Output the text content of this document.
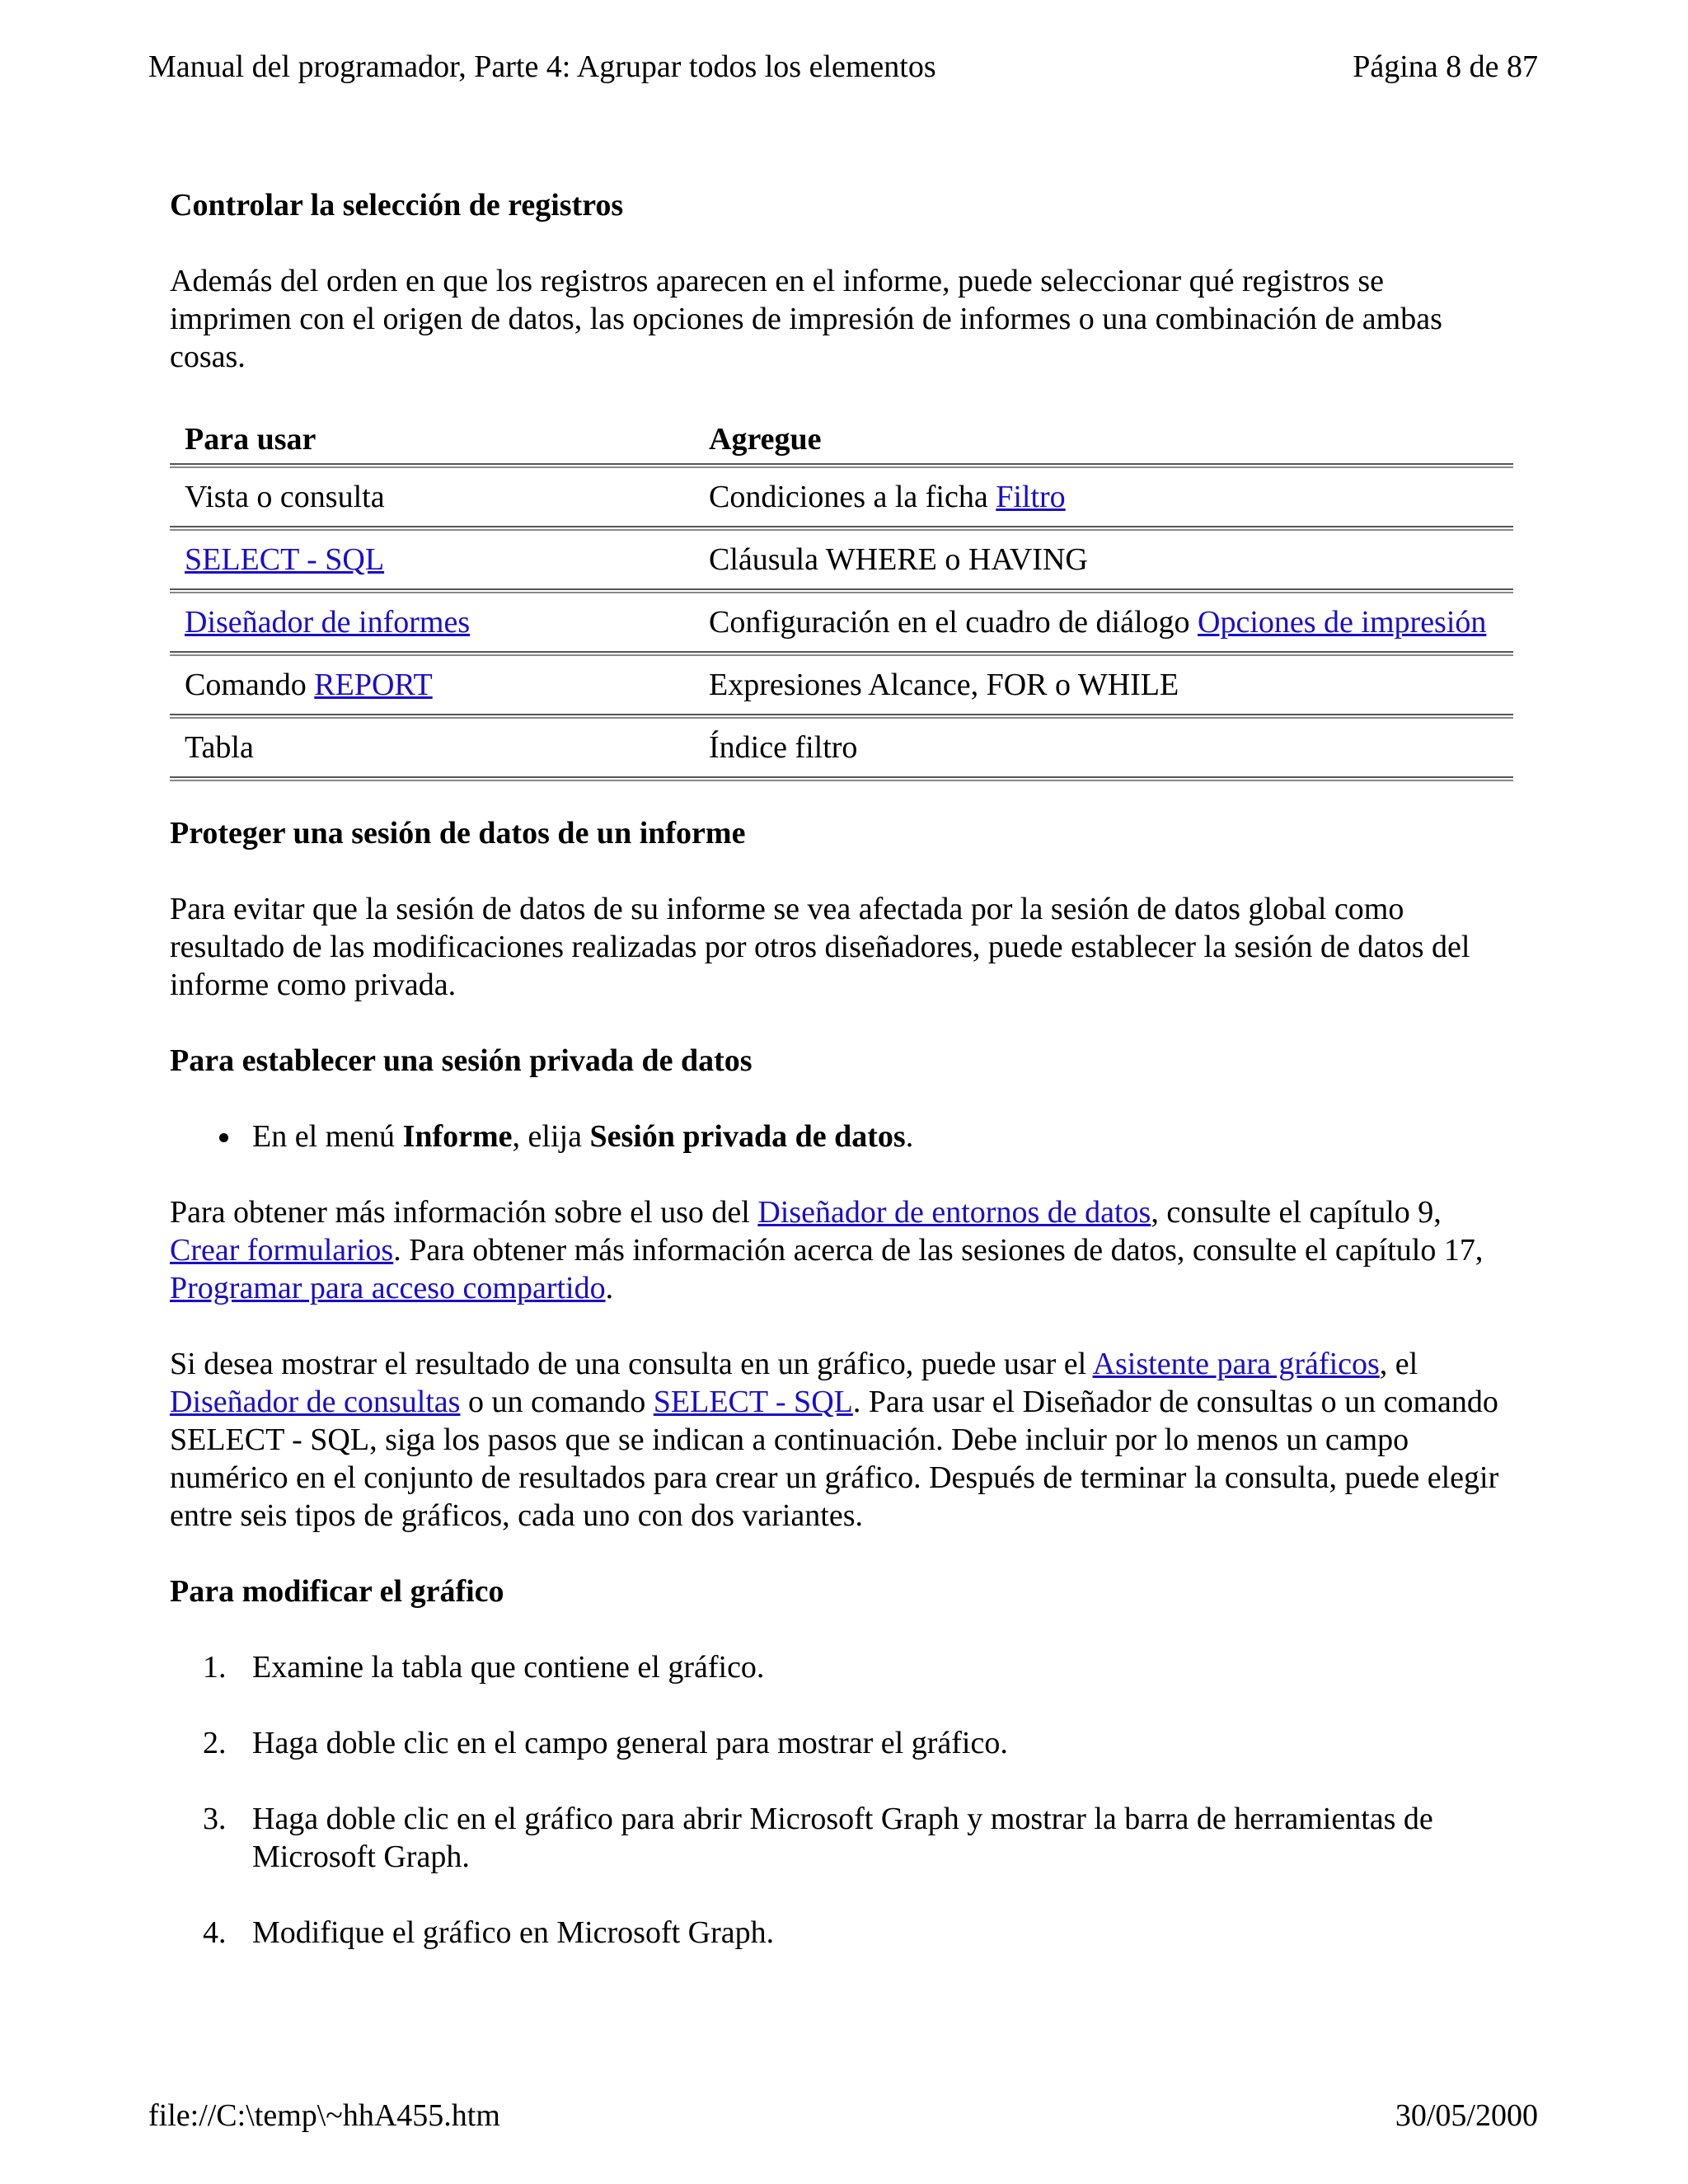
Manual del programador, Parte 4: Agrupar todos los elementos	Página 8 de 87
Controlar la selección de registros

Además del orden en que los registros aparecen en el informe, puede seleccionar qué registros se imprimen con el origen de datos, las opciones de impresión de informes o una combinación de ambas cosas.

Para usar	Agregue

Vista o consulta	Condiciones a la ficha Filtro

SELECT - SQL	Cláusula WHERE o HAVING

Diseñador de informes	Configuración en el cuadro de diálogo Opciones de impresión

Comando REPORT	Expresiones Alcance, FOR o WHILE

Tabla	Índice filtro

Proteger una sesión de datos de un informe

Para evitar que la sesión de datos de su informe se vea afectada por la sesión de datos global como resultado de las modificaciones realizadas por otros diseñadores, puede establecer la sesión de datos del informe como privada.

Para establecer una sesión privada de datos
En el menú Informe, elija Sesión privada de datos.

Para obtener más información sobre el uso del Diseñador de entornos de datos, consulte el capítulo 9, Crear formularios. Para obtener más información acerca de las sesiones de datos, consulte el capítulo 17, Programar para acceso compartido.

Si desea mostrar el resultado de una consulta en un gráfico, puede usar el Asistente para gráficos, el Diseñador de consultas o un comando SELECT - SQL. Para usar el Diseñador de consultas o un comando SELECT - SQL, siga los pasos que se indican a continuación. Debe incluir por lo menos un campo numérico en el conjunto de resultados para crear un gráfico. Después de terminar la consulta, puede elegir entre seis tipos de gráficos, cada uno con dos variantes.

Para modificar el gráfico
1. Examine la tabla que contiene el gráfico.
2. Haga doble clic en el campo general para mostrar el gráfico.
3. Haga doble clic en el gráfico para abrir Microsoft Graph y mostrar la barra de herramientas de Microsoft Graph.
4. Modifique el gráfico en Microsoft Graph.
file://C:\temp\~hhA455.htm	30/05/2000
